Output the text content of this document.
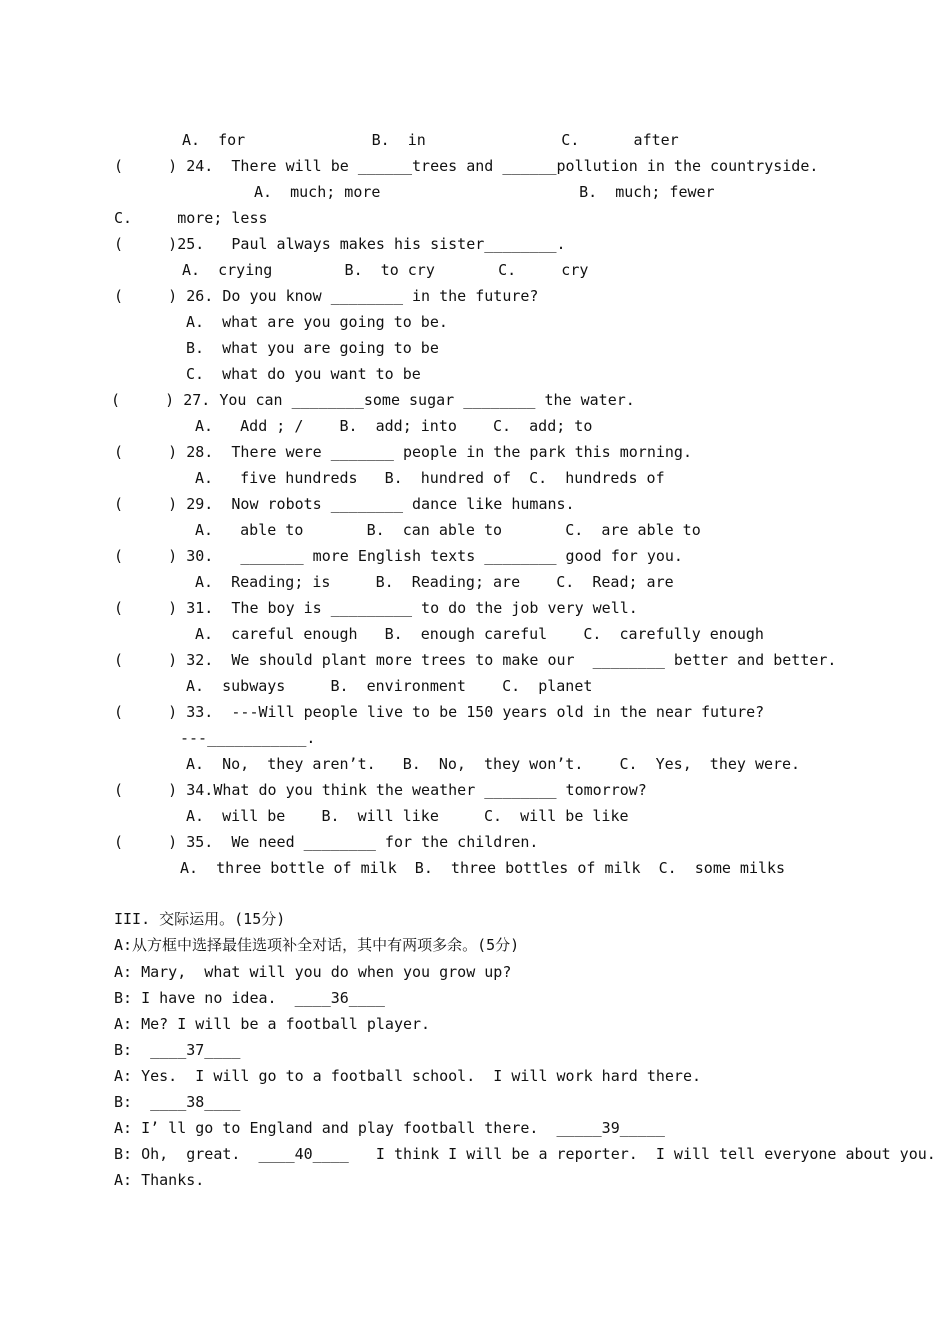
A.  for              B.  in               C.      after
(     ) 24.  There will be ______trees and ______pollution in the countryside.
A.  much; more                      B.  much; fewer
C.     more; less
(     )25.   Paul always makes his sister________.
A.  crying        B.  to cry       C.     cry
(     ) 26. Do you know ________ in the future?
A.  what are you going to be.
B.  what you are going to be
C.  what do you want to be
(     ) 27. You can ________some sugar ________ the water.
A.   Add ; /    B.  add; into    C.  add; to
(     ) 28.  There were _______ people in the park this morning.
A.   five hundreds   B.  hundred of  C.  hundreds of
(     ) 29.  Now robots ________ dance like humans.
A.   able to       B.  can able to       C.  are able to
(     ) 30.   _______ more English texts ________ good for you.
A.  Reading; is     B.  Reading; are    C.  Read; are
(     ) 31.  The boy is _________ to do the job very well.
A.  careful enough   B.  enough careful    C.  carefully enough
(     ) 32.  We should plant more trees to make our  ________ better and better.
A.  subways     B.  environment    C.  planet
(     ) 33.  ---Will people live to be 150 years old in the near future?
---___________.
A.  No,  they aren’t.   B.  No,  they won’t.    C.  Yes,  they were.
(     ) 34.What do you think the weather ________ tomorrow?
A.  will be    B.  will like     C.  will be like
(     ) 35.  We need ________ for the children.
A.  three bottle of milk  B.  three bottles of milk  C.  some milks
III. 交际运用。(15分)
A:从方框中选择最佳选项补全对话，其中有两项多余。(5分)
A: Mary,  what will you do when you grow up?
B: I have no idea.  ____36____
A: Me? I will be a football player.
B:  ____37____
A: Yes.  I will go to a football school.  I will work hard there.
B:  ____38____
A: I’ ll go to England and play football there.  _____39_____
B: Oh,  great.  ____40____   I think I will be a reporter.  I will tell everyone about you.
A: Thanks.
